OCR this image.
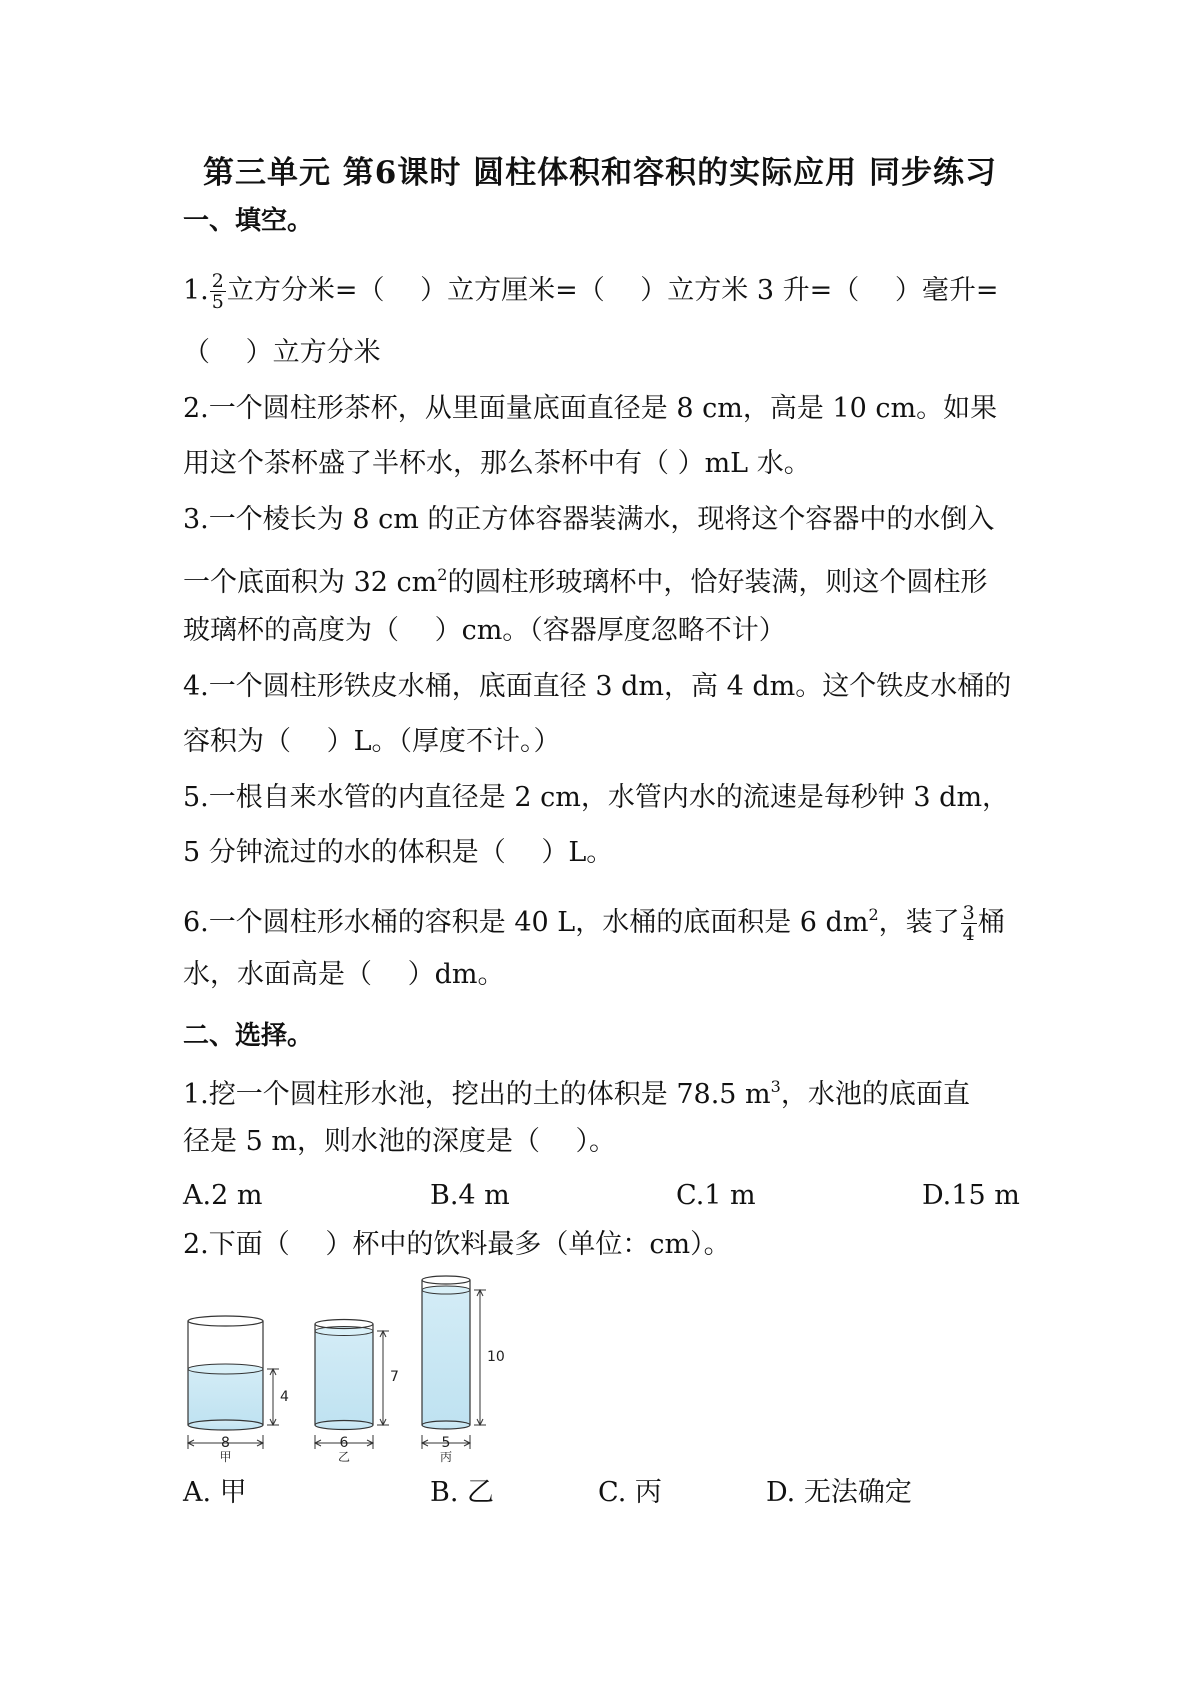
第三单元 第6课时 圆柱体积和容积的实际应用 同步练习
一、填空。
1. $\frac{2}{5}$ 立方分米=（　 ）立方厘米=（　 ）立方米 3 升=（　 ）毫升=
（　 ）立方分米
2.一个圆柱形茶杯，从里面量底面直径是 8 cm，高是 10 cm。如果
用这个茶杯盛了半杯水，那么茶杯中有（ ）mL 水。
3.一个棱长为 8 cm 的正方体容器装满水，现将这个容器中的水倒入
一个底面积为 32 $cm^2$的圆柱形玻璃杯中，恰好装满，则这个圆柱形
玻璃杯的高度为（　 ）cm。（容器厚度忽略不计）
4.一个圆柱形铁皮水桶，底面直径 3 dm，高 4 dm。这个铁皮水桶的
容积为（　 ）L。（厚度不计。）
5.一根自来水管的内直径是 2 cm，水管内水的流速是每秒钟 3 dm，
5 分钟流过的水的体积是（　 ）L。
6.一个圆柱形水桶的容积是 40 L，水桶的底面积是 6 $dm^2$，装了 $\frac{3}{4}$ 桶
水，水面高是（　 ）dm。
二、选择。
1.挖一个圆柱形水池，挖出的土的体积是 78.5 $m^3$，水池的底面直
径是 5 m，则水池的深度是（　 ）。
A.2 m	B.4 m	C.1 m	D.15 m
2.下面（　 ）杯中的饮料最多（单位：cm）。
4
8
甲
7
6
乙
10
5
丙
A. 甲	B. 乙	C. 丙	D. 无法确定
